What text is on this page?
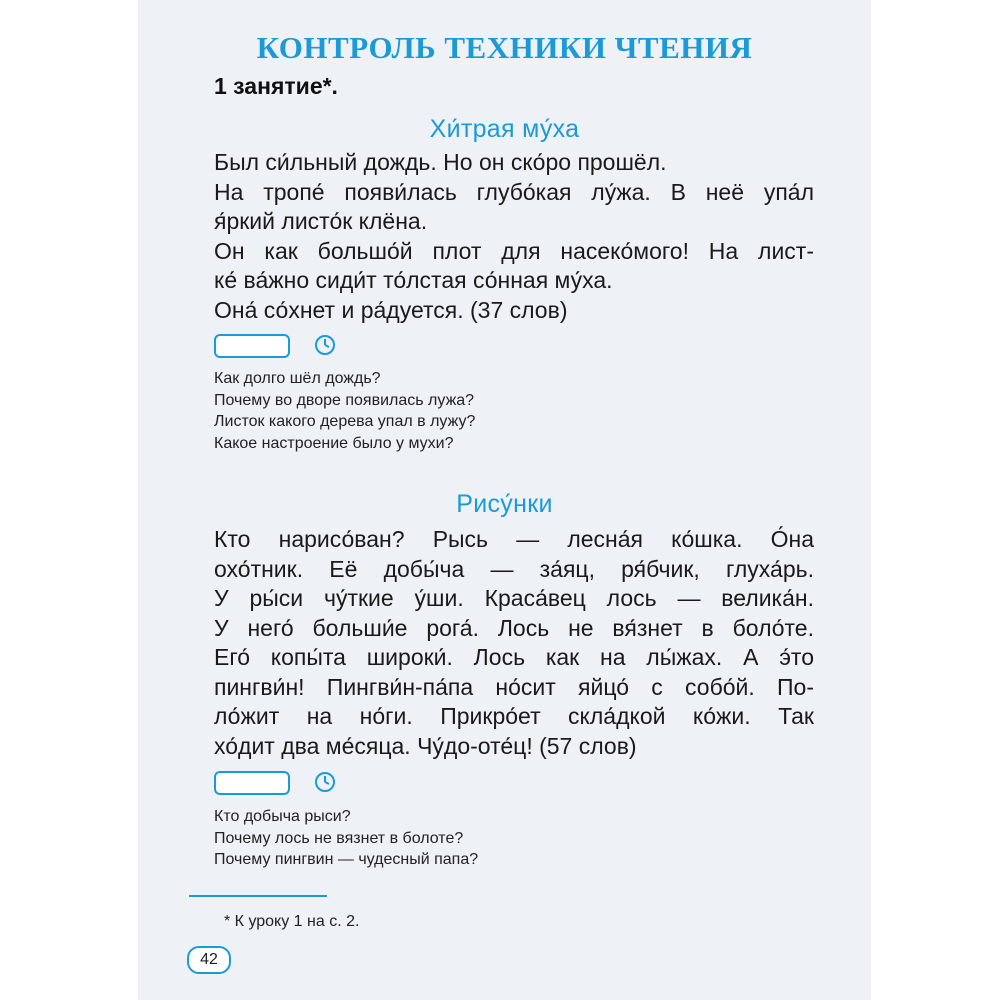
КОНТРОЛЬ ТЕХНИКИ ЧТЕНИЯ
1 занятие*.
Хи́трая му́ха
Был си́льный дождь. Но он ско́ро прошёл.
На тропе́ появи́лась глубо́кая лу́жа. В неё упа́л
я́ркий листо́к клёна.
Он как большо́й плот для насеко́мого! На лист-
ке́ ва́жно сиди́т то́лстая со́нная му́ха.
Она́ со́хнет и ра́дуется. (37 слов)
Как долго шёл дождь?
Почему во дворе появилась лужа?
Листок какого дерева упал в лужу?
Какое настроение было у мухи?
Рису́нки
Кто нарисо́ван? Рысь — лесна́я ко́шка. О́на
охо́тник. Её добы́ча — за́яц, ря́бчик, глуха́рь.
У ры́си чу́ткие у́ши. Краса́вец лось — велика́н.
У него́ больши́е рога́. Лось не вя́знет в боло́те.
Его́ копы́та широки́. Лось как на лы́жах. А э́то
пингви́н! Пингви́н-па́па но́сит яйцо́ с собо́й. По-
ло́жит на но́ги. Прикро́ет скла́дкой ко́жи. Так
хо́дит два ме́сяца. Чу́до-оте́ц! (57 слов)
Кто добыча рыси?
Почему лось не вязнет в болоте?
Почему пингвин — чудесный папа?
* К уроку 1 на с. 2.
42
